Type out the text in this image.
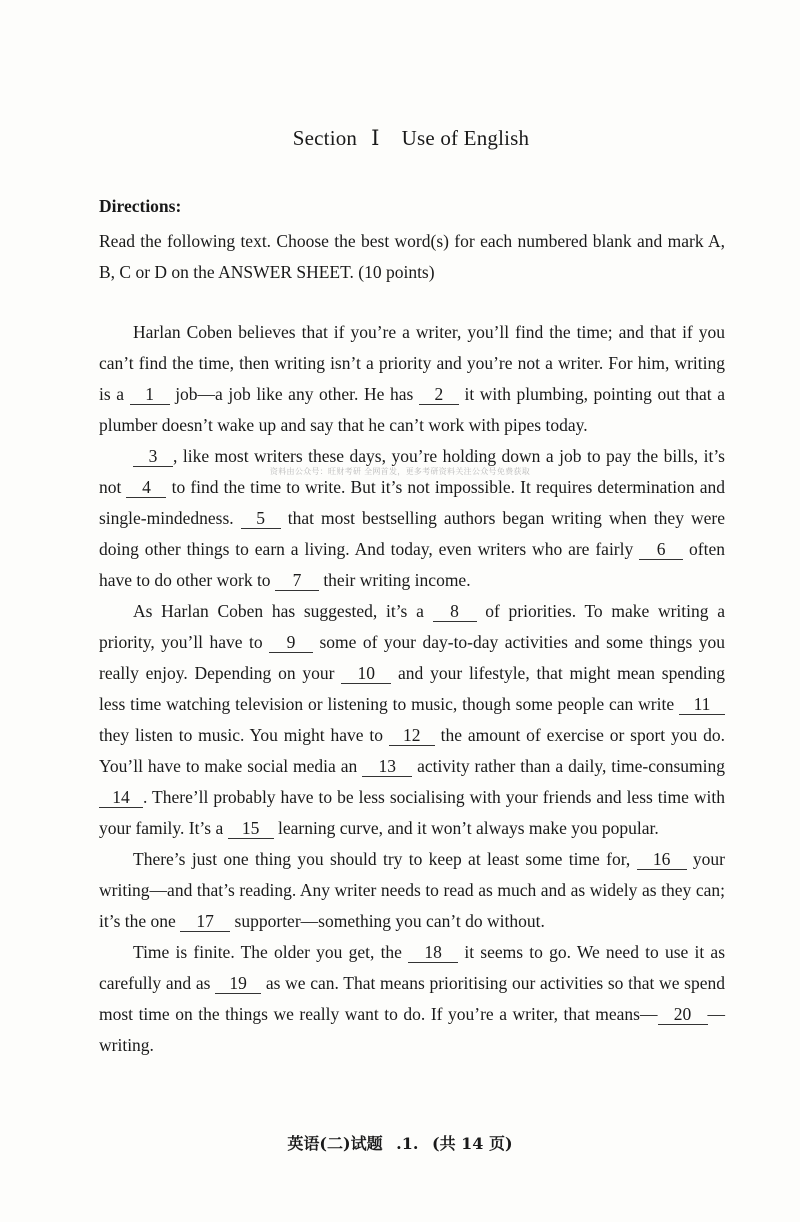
Section Ⅰ Use of English
Directions:
Read the following text. Choose the best word(s) for each numbered blank and mark A, B, C or D on the ANSWER SHEET. (10 points)

Harlan Coben believes that if you’re a writer, you’ll find the time; and that if you can’t find the time, then writing isn’t a priority and you’re not a writer. For him, writing is a 1 job—a job like any other. He has 2 it with plumbing, pointing out that a plumber doesn’t wake up and say that he can’t work with pipes today.

3 , like most writers these days, you’re holding down a job to pay the bills, it’s not 4 to find the time to write. But it’s not impossible. It requires determination and single-mindedness. 5 that most bestselling authors began writing when they were doing other things to earn a living. And today, even writers who are fairly 6 often have to do other work to 7 their writing income.

As Harlan Coben has suggested, it’s a 8 of priorities. To make writing a priority, you’ll have to 9 some of your day-to-day activities and some things you really enjoy. Depending on your 10 and your lifestyle, that might mean spending less time watching television or listening to music, though some people can write 11 they listen to music. You might have to 12 the amount of exercise or sport you do. You’ll have to make social media an 13 activity rather than a daily, time-consuming 14 . There’ll probably have to be less socialising with your friends and less time with your family. It’s a 15 learning curve, and it won’t always make you popular.

There’s just one thing you should try to keep at least some time for, 16 your writing—and that’s reading. Any writer needs to read as much and as widely as they can; it’s the one 17 supporter—something you can’t do without.

Time is finite. The older you get, the 18 it seems to go. We need to use it as carefully and as 19 as we can. That means prioritising our activities so that we spend most time on the things we really want to do. If you’re a writer, that means— 20 —writing.

资料由公众号：旺财考研 全网首发，更多考研资料关注公众号免费获取
英语(二)试题 .1. (共 14 页)
